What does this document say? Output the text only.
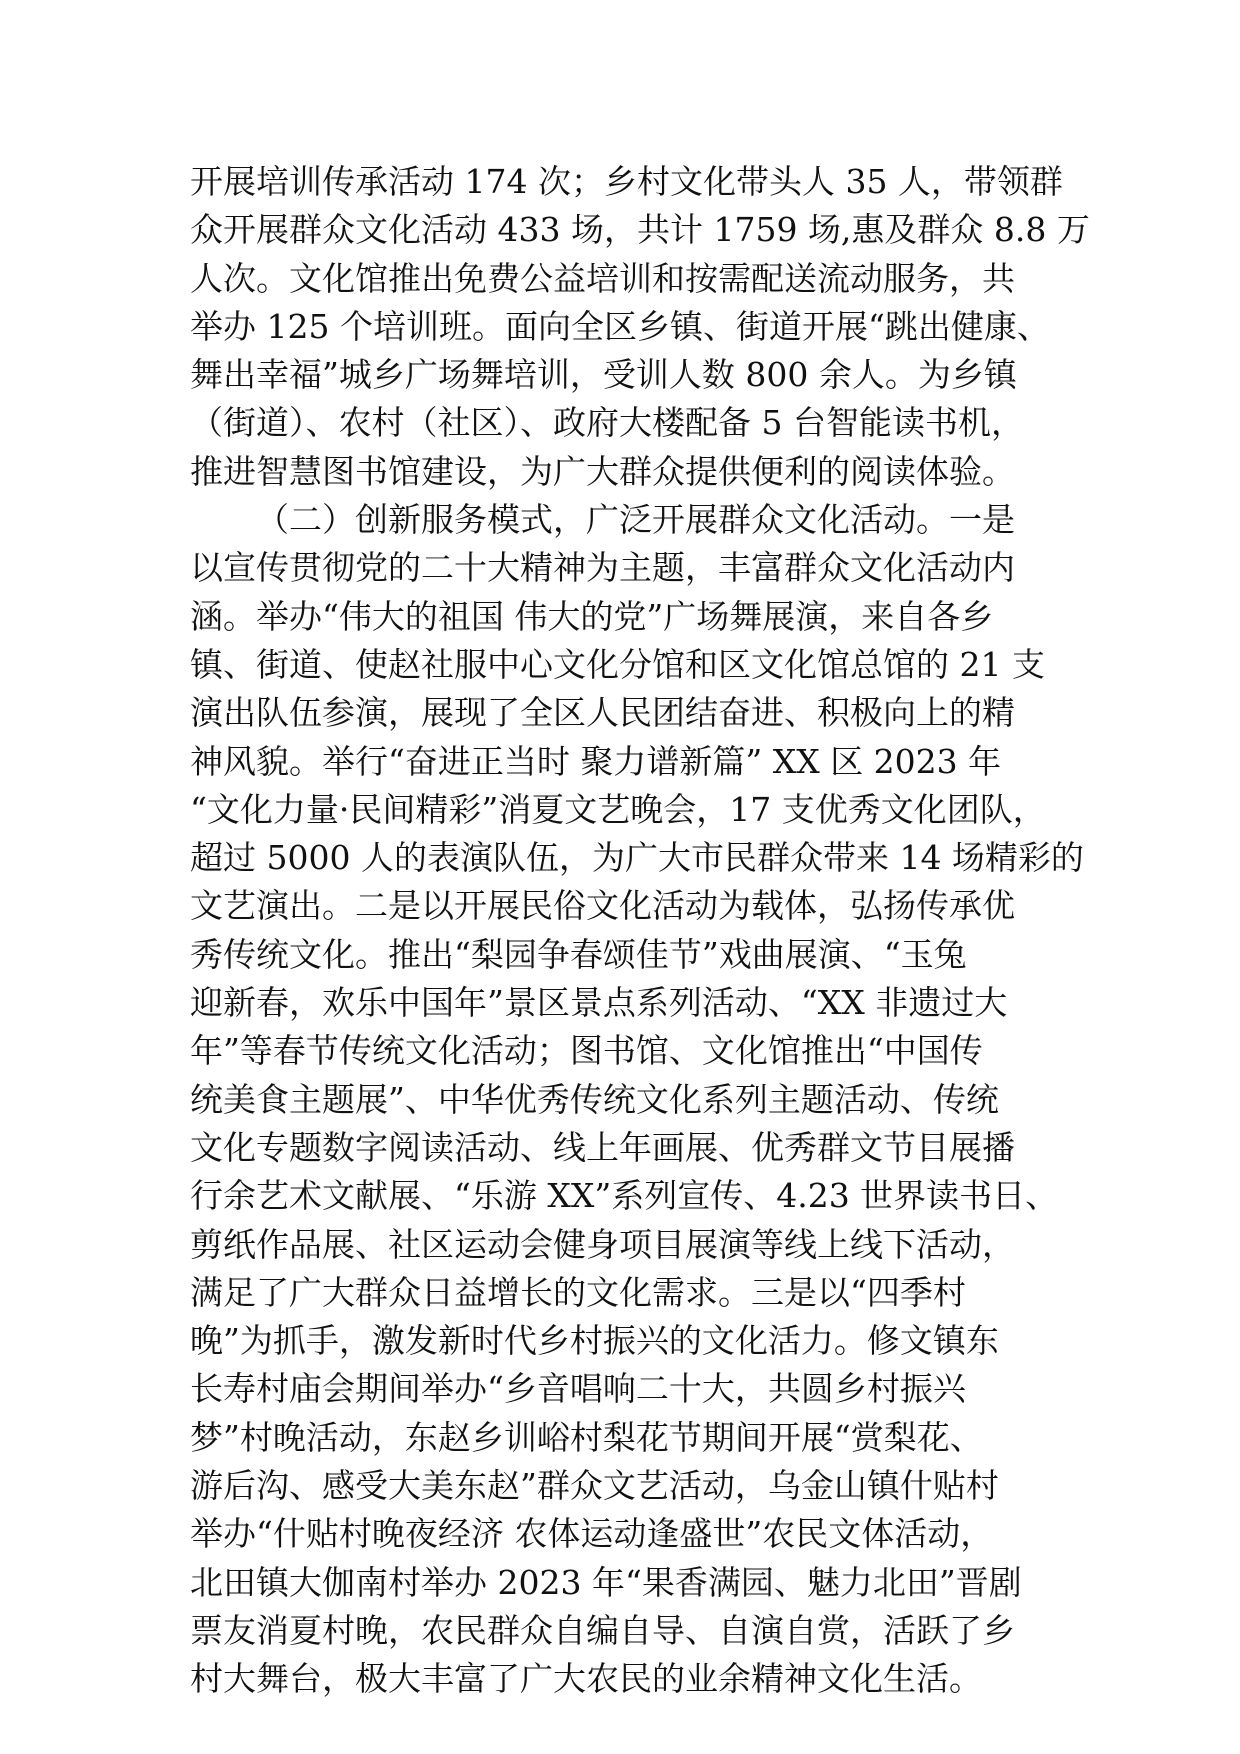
开展培训传承活动 174 次；乡村文化带头人 35 人，带领群
众开展群众文化活动 433 场，共计 1759 场,惠及群众 8.8 万
人次。文化馆推出免费公益培训和按需配送流动服务，共
举办 125 个培训班。面向全区乡镇、街道开展“跳出健康、
舞出幸福”城乡广场舞培训，受训人数 800 余人。为乡镇
（街道）、农村（社区）、政府大楼配备 5 台智能读书机，
推进智慧图书馆建设，为广大群众提供便利的阅读体验。
（二）创新服务模式，广泛开展群众文化活动。一是
以宣传贯彻党的二十大精神为主题，丰富群众文化活动内
涵。举办“伟大的祖国 伟大的党”广场舞展演，来自各乡
镇、街道、使赵社服中心文化分馆和区文化馆总馆的 21 支
演出队伍参演，展现了全区人民团结奋进、积极向上的精
神风貌。举行“奋进正当时 聚力谱新篇” XX 区 2023 年
“文化力量·民间精彩”消夏文艺晚会，17 支优秀文化团队，
超过 5000 人的表演队伍，为广大市民群众带来 14 场精彩的
文艺演出。二是以开展民俗文化活动为载体，弘扬传承优
秀传统文化。推出“梨园争春颂佳节”戏曲展演、“玉兔
迎新春，欢乐中国年”景区景点系列活动、“XX 非遗过大
年”等春节传统文化活动；图书馆、文化馆推出“中国传
统美食主题展”、中华优秀传统文化系列主题活动、传统
文化专题数字阅读活动、线上年画展、优秀群文节目展播
行余艺术文献展、“乐游 XX”系列宣传、4.23 世界读书日、
剪纸作品展、社区运动会健身项目展演等线上线下活动，
满足了广大群众日益增长的文化需求。三是以“四季村
晚”为抓手，激发新时代乡村振兴的文化活力。修文镇东
长寿村庙会期间举办“乡音唱响二十大，共圆乡村振兴
梦”村晚活动，东赵乡训峪村梨花节期间开展“赏梨花、
游后沟、感受大美东赵”群众文艺活动，乌金山镇什贴村
举办“什贴村晚夜经济 农体运动逢盛世”农民文体活动，
北田镇大伽南村举办 2023 年“果香满园、魅力北田”晋剧
票友消夏村晚，农民群众自编自导、自演自赏，活跃了乡
村大舞台，极大丰富了广大农民的业余精神文化生活。
